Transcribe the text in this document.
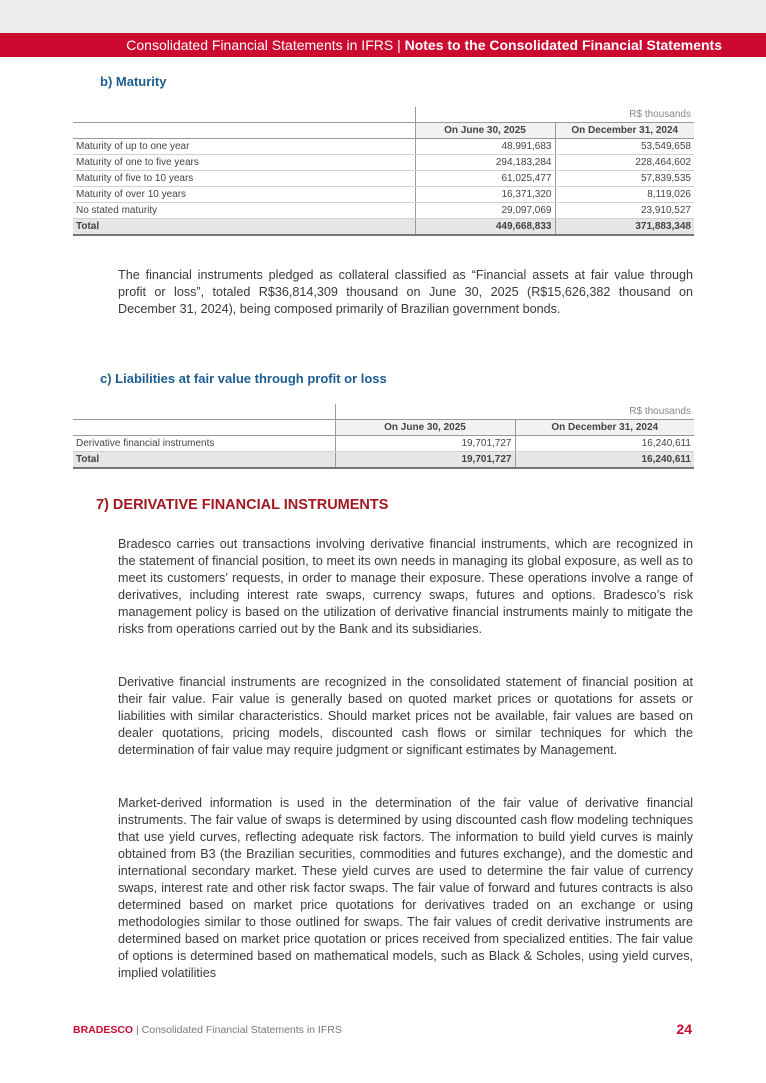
Consolidated Financial Statements in IFRS | Notes to the Consolidated Financial Statements
b) Maturity
	R$ thousands	
	On June 30, 2025	On December 31, 2024
Maturity of up to one year	48,991,683	53,549,658
Maturity of one to five years	294,183,284	228,464,602
Maturity of five to 10 years	61,025,477	57,839,535
Maturity of over 10 years	16,371,320	8,119,026
No stated maturity	29,097,069	23,910,527
Total	449,668,833	371,883,348

The financial instruments pledged as collateral classified as “Financial assets at fair value through profit or loss”, totaled R$36,814,309 thousand on June 30, 2025 (R$15,626,382 thousand on December 31, 2024), being composed primarily of Brazilian government bonds.

c) Liabilities at fair value through profit or loss
	R$ thousands	
	On June 30, 2025	On December 31, 2024
Derivative financial instruments	19,701,727	16,240,611
Total	19,701,727	16,240,611
7) DERIVATIVE FINANCIAL INSTRUMENTS

Bradesco carries out transactions involving derivative financial instruments, which are recognized in the statement of financial position, to meet its own needs in managing its global exposure, as well as to meet its customers’ requests, in order to manage their exposure. These operations involve a range of derivatives, including interest rate swaps, currency swaps, futures and options. Bradesco’s risk management policy is based on the utilization of derivative financial instruments mainly to mitigate the risks from operations carried out by the Bank and its subsidiaries.

Derivative financial instruments are recognized in the consolidated statement of financial position at their fair value. Fair value is generally based on quoted market prices or quotations for assets or liabilities with similar characteristics. Should market prices not be available, fair values are based on dealer quotations, pricing models, discounted cash flows or similar techniques for which the determination of fair value may require judgment or significant estimates by Management.

Market-derived information is used in the determination of the fair value of derivative financial instruments. The fair value of swaps is determined by using discounted cash flow modeling techniques that use yield curves, reflecting adequate risk factors. The information to build yield curves is mainly obtained from B3 (the Brazilian securities, commodities and futures exchange), and the domestic and international secondary market. These yield curves are used to determine the fair value of currency swaps, interest rate and other risk factor swaps. The fair value of forward and futures contracts is also determined based on market price quotations for derivatives traded on an exchange or using methodologies similar to those outlined for swaps. The fair values of credit derivative instruments are determined based on market price quotation or prices received from specialized entities. The fair value of options is determined based on mathematical models, such as Black & Scholes, using yield curves, implied volatilities

BRADESCO | Consolidated Financial Statements in IFRS	24
